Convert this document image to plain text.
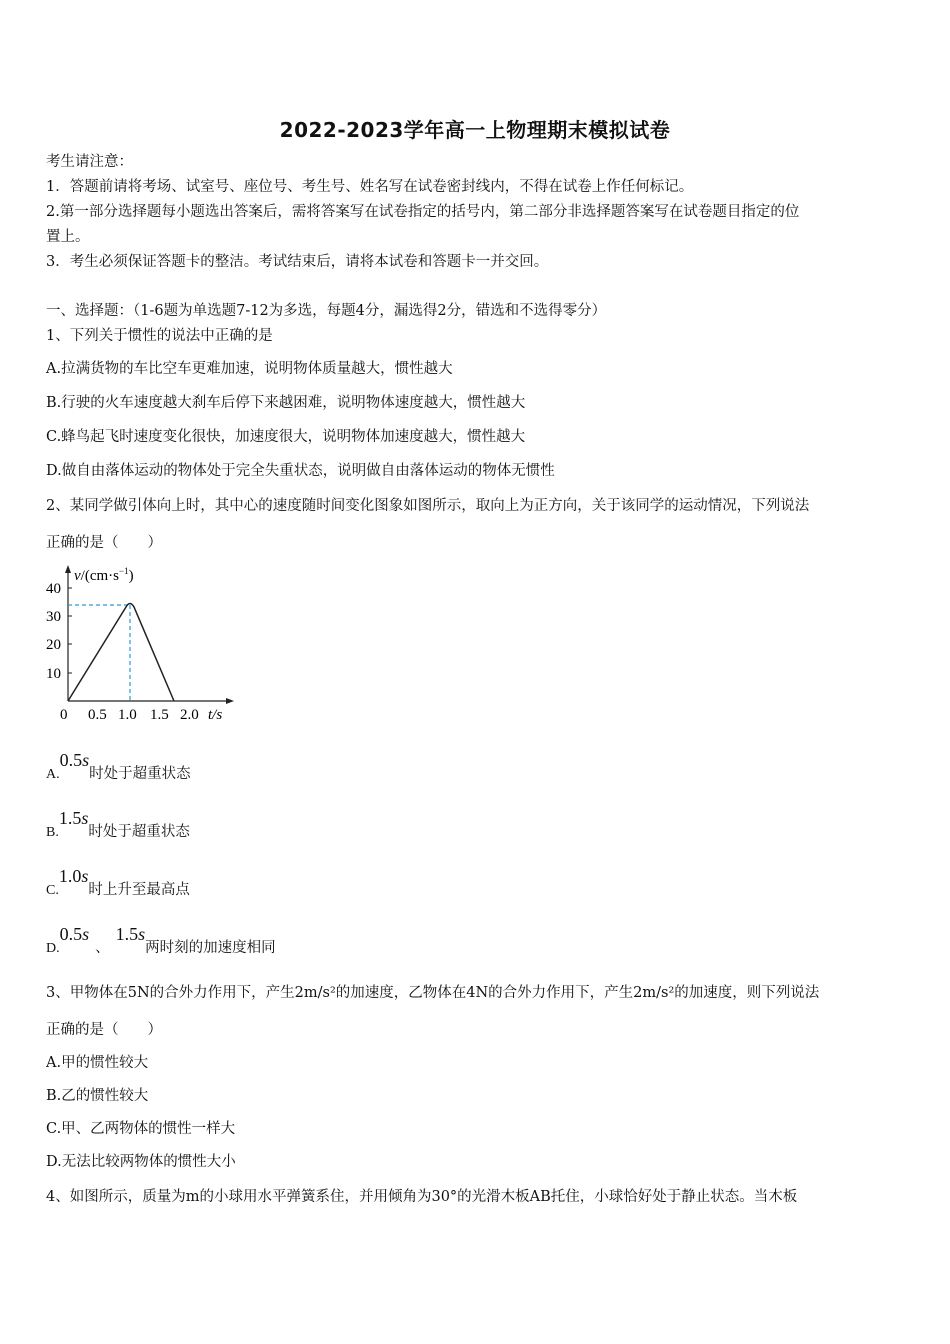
2022-2023学年高一上物理期末模拟试卷
考生请注意：
1．答题前请将考场、试室号、座位号、考生号、姓名写在试卷密封线内，不得在试卷上作任何标记。
2.第一部分选择题每小题选出答案后，需将答案写在试卷指定的括号内，第二部分非选择题答案写在试卷题目指定的位
置上。
3．考生必须保证答题卡的整洁。考试结束后，请将本试卷和答题卡一并交回。
一、选择题：（1-6题为单选题7-12为多选，每题4分，漏选得2分，错选和不选得零分）
1、下列关于惯性的说法中正确的是
A.拉满货物的车比空车更难加速，说明物体质量越大，惯性越大
B.行驶的火车速度越大刹车后停下来越困难，说明物体速度越大，惯性越大
C.蜂鸟起飞时速度变化很快，加速度很大，说明物体加速度越大，惯性越大
D.做自由落体运动的物体处于完全失重状态，说明做自由落体运动的物体无惯性
2、某同学做引体向上时，其中心的速度随时间变化图象如图所示，取向上为正方向，关于该同学的运动情况，下列说法
正确的是（　　）
$v/(cm\cdot s^{-1})$
40
30
20
10
0 0.5 1.0 1.5 2.0 t/s
A.0.5s时处于超重状态
B.1.5s时处于超重状态
C.1.0s时上升至最高点
D.0.5s、1.5s两时刻的加速度相同
3、甲物体在5N的合外力作用下，产生2m/s²的加速度，乙物体在4N的合外力作用下，产生2m/s²的加速度，则下列说法
正确的是（　　）
A.甲的惯性较大
B.乙的惯性较大
C.甲、乙两物体的惯性一样大
D.无法比较两物体的惯性大小
4、如图所示，质量为m的小球用水平弹簧系住，并用倾角为30°的光滑木板AB托住，小球恰好处于静止状态。当木板
